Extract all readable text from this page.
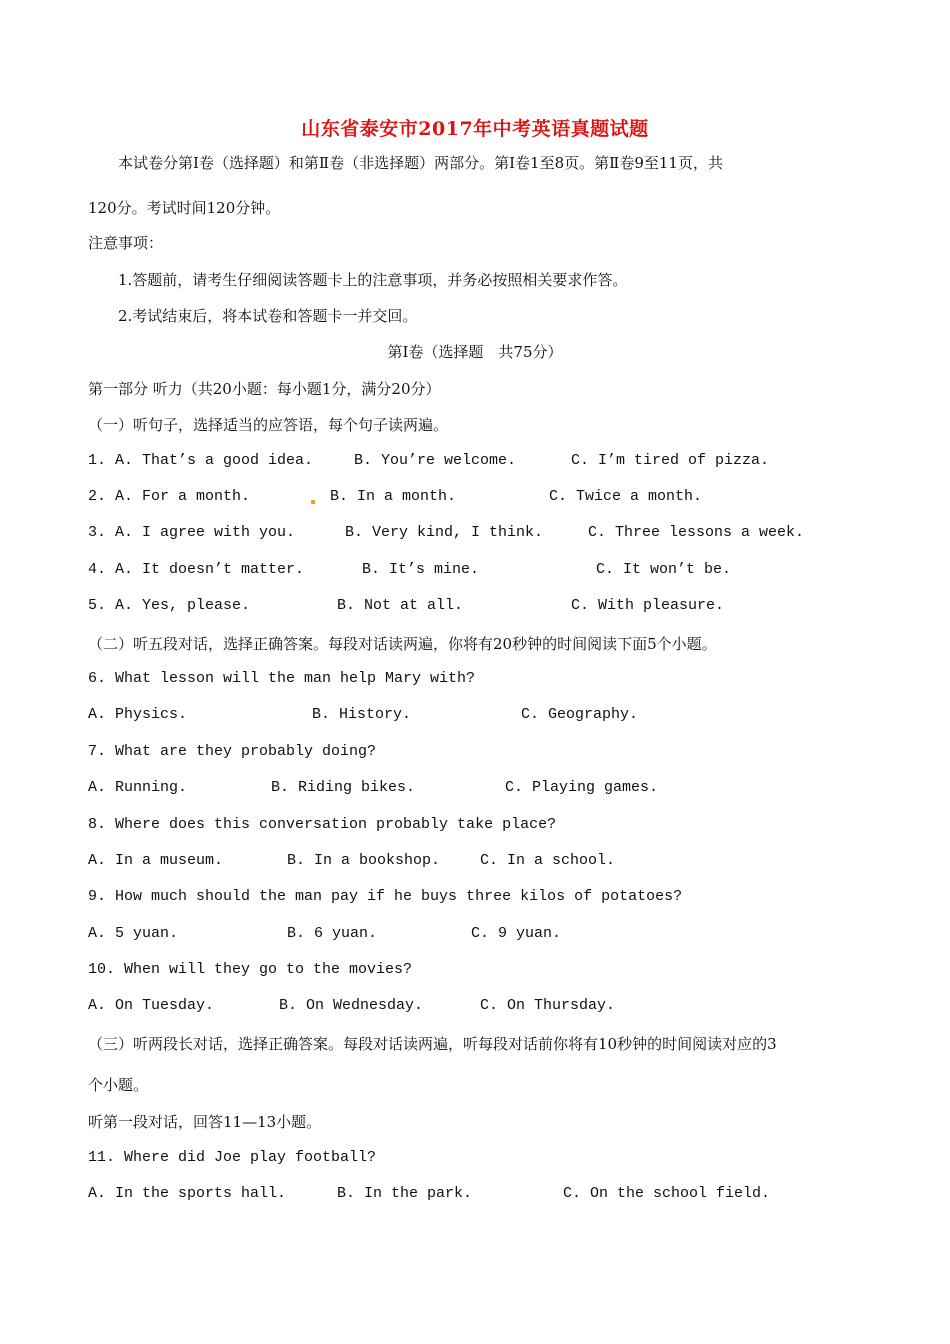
山东省泰安市2017年中考英语真题试题
本试卷分第Ⅰ卷（选择题）和第Ⅱ卷（非选择题）两部分。第Ⅰ卷1至8页。第Ⅱ卷9至11页，共
120分。考试时间120分钟。
注意事项：
1.答题前，请考生仔细阅读答题卡上的注意事项，并务必按照相关要求作答。
2.考试结束后，将本试卷和答题卡一并交回。
第Ⅰ卷（选择题　共75分）
第一部分 听力（共20小题：每小题1分，满分20分）
（一）听句子，选择适当的应答语，每个句子读两遍。
1. A. That’s a good idea.	B. You’re welcome.	C. I’m tired of pizza.
2. A. For a month.	B. In a month.	C. Twice a month.
3. A. I agree with you.	B. Very kind, I think.	C. Three lessons a week.
4. A. It doesn’t matter.	B. It’s mine.	C. It won’t be.
5. A. Yes, please.	B. Not at all.	C. With pleasure.
（二）听五段对话，选择正确答案。每段对话读两遍，你将有20秒钟的时间阅读下面5个小题。
6. What lesson will the man help Mary with?
A. Physics.	B. History.	C. Geography.
7. What are they probably doing?
A. Running.	B. Riding bikes.	C. Playing games.
8. Where does this conversation probably take place?
A. In a museum.	B. In a bookshop.	C. In a school.
9. How much should the man pay if he buys three kilos of potatoes?
A. 5 yuan.	B. 6 yuan.	C. 9 yuan.
10. When will they go to the movies?
A. On Tuesday.	B. On Wednesday.	C. On Thursday.
（三）听两段长对话，选择正确答案。每段对话读两遍，听每段对话前你将有10秒钟的时间阅读对应的3
个小题。
听第一段对话，回答11—13小题。
11. Where did Joe play football?
A. In the sports hall.	B. In the park.	C. On the school field.
